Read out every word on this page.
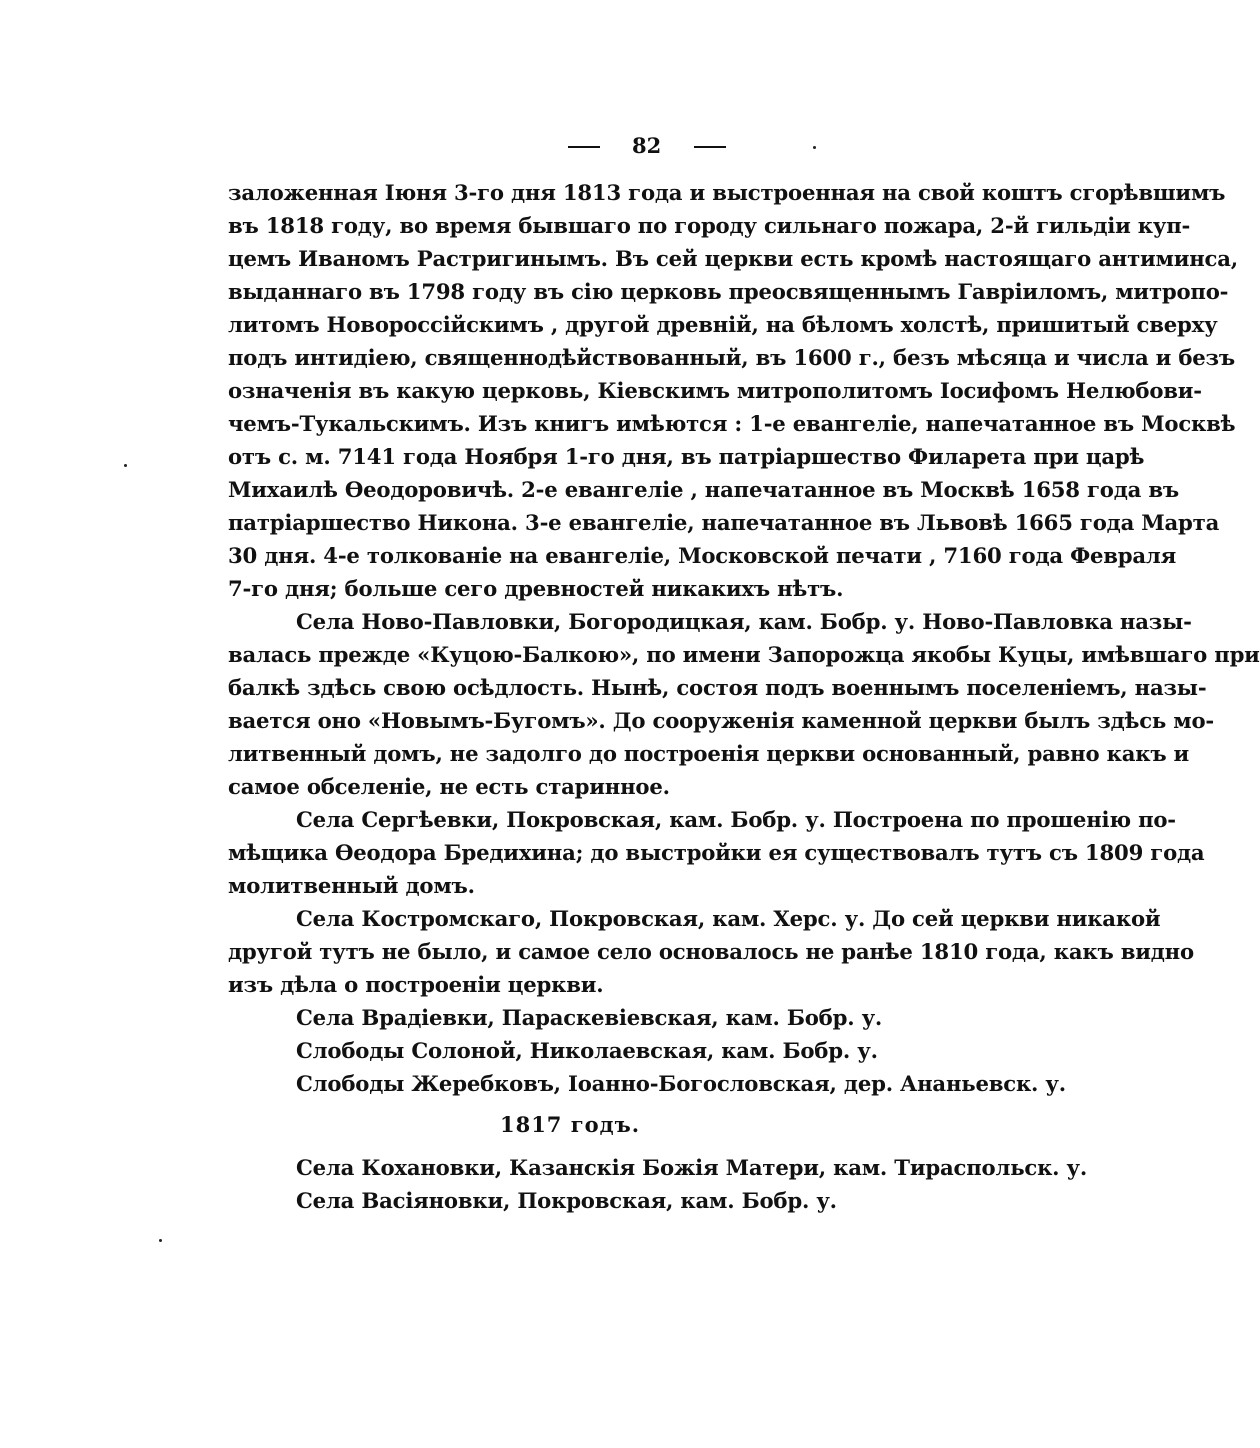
82
заложенная Іюня 3-го дня 1813 года и выстроенная на свой коштъ сгорѣвшимъ
въ 1818 году, во время бывшаго по городу сильнаго пожара, 2-й гильдіи куп-
цемъ Иваномъ Растригинымъ. Въ сей церкви есть кромѣ настоящаго антиминса,
выданнаго въ 1798 году въ сію церковь преосвященнымъ Гавріиломъ, митропо-
литомъ Новороссійскимъ , другой древній, на бѣломъ холстѣ, пришитый сверху
подъ интидіею, священнодѣйствованный, въ 1600 г., безъ мѣсяца и числа и безъ
означенія въ какую церковь, Кіевскимъ митрополитомъ Іосифомъ Нелюбови-
чемъ-Тукальскимъ. Изъ книгъ имѣются : 1-е евангеліе, напечатанное въ Москвѣ
отъ с. м. 7141 года Ноября 1-го дня, въ патріаршество Филарета при царѣ
Михаилѣ Ѳеодоровичѣ. 2-е евангеліе , напечатанное въ Москвѣ 1658 года въ
патріаршество Никона. 3-е евангеліе, напечатанное въ Львовѣ 1665 года Марта
30 дня. 4-е толкованіе на евангеліе, Московской печати , 7160 года Февраля
7-го дня; больше сего древностей никакихъ нѣтъ.
Села Ново-Павловки, Богородицкая, кам. Бобр. у. Ново-Павловка назы-
валась прежде «Куцою-Балкою», по имени Запорожца якобы Куцы, имѣвшаго при
балкѣ здѣсь свою осѣдлость. Нынѣ, состоя подъ военнымъ поселеніемъ, назы-
вается оно «Новымъ-Бугомъ». До сооруженія каменной церкви былъ здѣсь мо-
литвенный домъ, не задолго до построенія церкви основанный, равно какъ и
самое обселеніе, не есть старинное.
Села Сергѣевки, Покровская, кам. Бобр. у. Построена по прошенію по-
мѣщика Ѳеодора Бредихина; до выстройки ея существовалъ тутъ съ 1809 года
молитвенный домъ.
Села Костромскаго, Покровская, кам. Херс. у. До сей церкви никакой
другой тутъ не было, и самое село основалось не ранѣе 1810 года, какъ видно
изъ дѣла о построеніи церкви.
Села Врадіевки, Параскевіевская, кам. Бобр. у.
Слободы Солоной, Николаевская, кам. Бобр. у.
Слободы Жеребковъ, Іоанно-Богословская, дер. Ананьевск. у.
1817 годъ.
Села Кохановки, Казанскія Божія Матери, кам. Тираспольск. у.
Села Васіяновки, Покровская, кам. Бобр. у.
